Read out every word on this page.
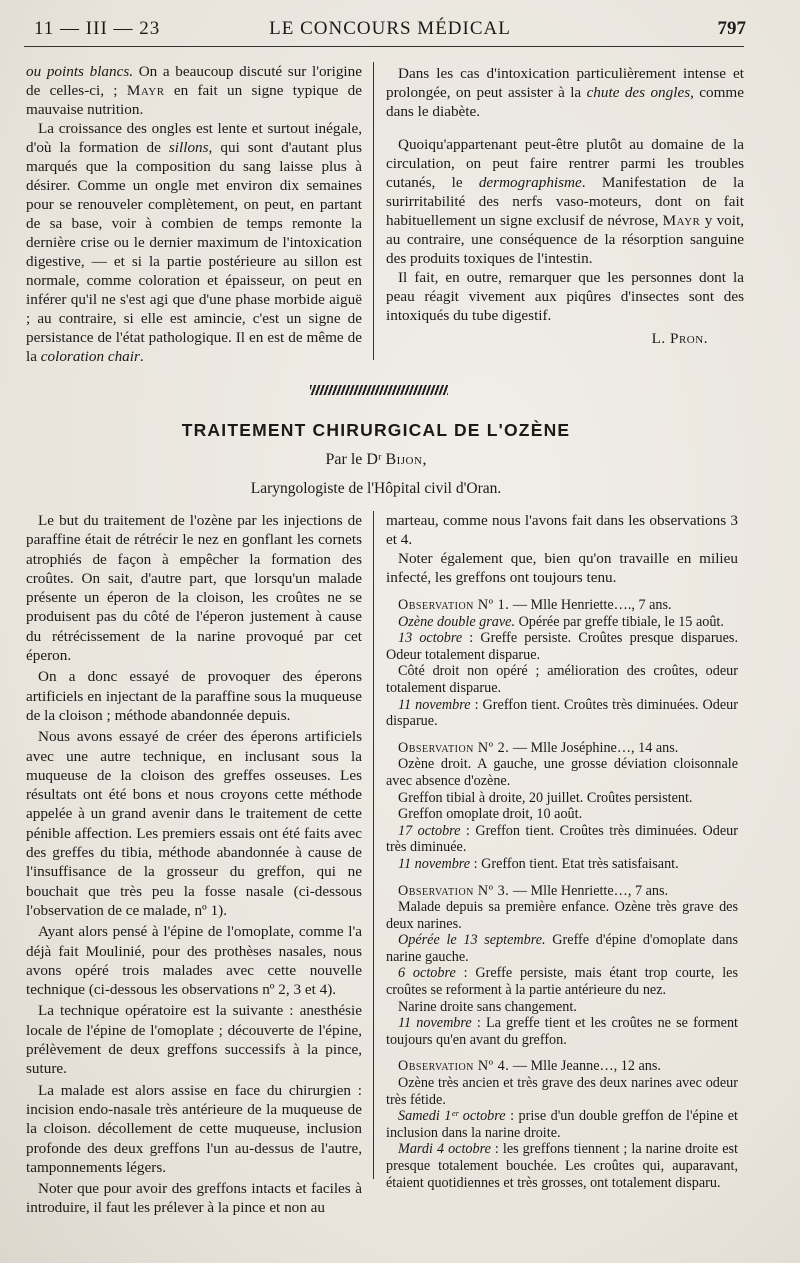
11 — III — 23	LE CONCOURS MÉDICAL	797

ou points blancs. On a beaucoup discuté sur l'origine de celles-ci, ; Mayr en fait un signe typique de mauvaise nutrition.

La croissance des ongles est lente et surtout inégale, d'où la formation de sillons, qui sont d'autant plus marqués que la composition du sang laisse plus à désirer. Comme un ongle met environ dix semaines pour se renouveler complètement, on peut, en partant de sa base, voir à combien de temps remonte la dernière crise ou le dernier maximum de l'intoxication digestive, — et si la partie postérieure au sillon est normale, comme coloration et épaisseur, on peut en inférer qu'il ne s'est agi que d'une phase morbide aiguë ; au contraire, si elle est amincie, c'est un signe de persistance de l'état pathologique. Il en est de même de la coloration chair.

Dans les cas d'intoxication particulièrement intense et prolongée, on peut assister à la chute des ongles, comme dans le diabète.

Quoiqu'appartenant peut-être plutôt au domaine de la circulation, on peut faire rentrer parmi les troubles cutanés, le dermographisme. Manifestation de la surirritabilité des nerfs vaso-moteurs, dont on fait habituellement un signe exclusif de névrose, Mayr y voit, au contraire, une conséquence de la résorption sanguine des produits toxiques de l'intestin.

Il fait, en outre, remarquer que les personnes dont la peau réagit vivement aux piqûres d'insectes sont des intoxiqués du tube digestif.

L. Pron.

TRAITEMENT CHIRURGICAL DE L'OZÈNE
Par le Dʳ Bijon,
Laryngologiste de l'Hôpital civil d'Oran.

Le but du traitement de l'ozène par les injections de paraffine était de rétrécir le nez en gonflant les cornets atrophiés de façon à empêcher la formation des croûtes. On sait, d'autre part, que lorsqu'un malade présente un éperon de la cloison, les croûtes ne se produisent pas du côté de l'éperon justement à cause du rétrécissement de la narine provoqué par cet éperon.

On a donc essayé de provoquer des éperons artificiels en injectant de la paraffine sous la muqueuse de la cloison ; méthode abandonnée depuis.

Nous avons essayé de créer des éperons artificiels avec une autre technique, en inclusant sous la muqueuse de la cloison des greffes osseuses. Les résultats ont été bons et nous croyons cette méthode appelée à un grand avenir dans le traitement de cette pénible affection. Les premiers essais ont été faits avec des greffes du tibia, méthode abandonnée à cause de l'insuffisance de la grosseur du greffon, qui ne bouchait que très peu la fosse nasale (ci-dessous l'observation de ce malade, nº 1).

Ayant alors pensé à l'épine de l'omoplate, comme l'a déjà fait Moulinié, pour des prothèses nasales, nous avons opéré trois malades avec cette nouvelle technique (ci-dessous les observations nº 2, 3 et 4).

La technique opératoire est la suivante : anesthésie locale de l'épine de l'omoplate ; découverte de l'épine, prélèvement de deux greffons successifs à la pince, suture.

La malade est alors assise en face du chirurgien : incision endo-nasale très antérieure de la muqueuse de la cloison. décollement de cette muqueuse, inclusion profonde des deux greffons l'un au-dessus de l'autre, tamponnements légers.

Noter que pour avoir des greffons intacts et faciles à introduire, il faut les prélever à la pince et non au

marteau, comme nous l'avons fait dans les observations 3 et 4.

Noter également que, bien qu'on travaille en milieu infecté, les greffons ont toujours tenu.

Observation Nº 1. — Mlle Henriette…., 7 ans.

Ozène double grave. Opérée par greffe tibiale, le 15 août.

13 octobre : Greffe persiste. Croûtes presque disparues. Odeur totalement disparue.

Côté droit non opéré ; amélioration des croûtes, odeur totalement disparue.

11 novembre : Greffon tient. Croûtes très diminuées. Odeur disparue.

Observation Nº 2. — Mlle Joséphine…, 14 ans.

Ozène droit. A gauche, une grosse déviation cloisonnale avec absence d'ozène.

Greffon tibial à droite, 20 juillet. Croûtes persistent.

Greffon omoplate droit, 10 août.

17 octobre : Greffon tient. Croûtes très diminuées. Odeur très diminuée.

11 novembre : Greffon tient. Etat très satisfaisant.

Observation Nº 3. — Mlle Henriette…, 7 ans.

Malade depuis sa première enfance. Ozène très grave des deux narines.

Opérée le 13 septembre. Greffe d'épine d'omoplate dans narine gauche.

6 octobre : Greffe persiste, mais étant trop courte, les croûtes se reforment à la partie antérieure du nez.

Narine droite sans changement.

11 novembre : La greffe tient et les croûtes ne se forment toujours qu'en avant du greffon.

Observation Nº 4. — Mlle Jeanne…, 12 ans.

Ozène très ancien et très grave des deux narines avec odeur très fétide.

Samedi 1ᵉʳ octobre : prise d'un double greffon de l'épine et inclusion dans la narine droite.

Mardi 4 octobre : les greffons tiennent ; la narine droite est presque totalement bouchée. Les croûtes qui, auparavant, étaient quotidiennes et très grosses, ont totalement disparu.
